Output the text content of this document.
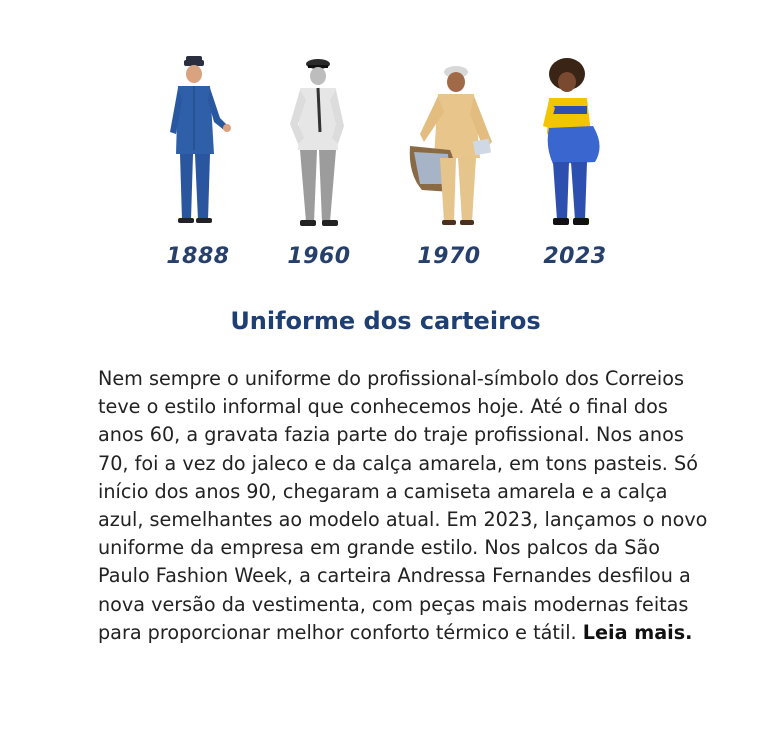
1888	1960	1970	2023
Uniforme dos carteiros

Nem sempre o uniforme do profissional-símbolo dos Correios teve o estilo informal que conhecemos hoje. Até o final dos anos 60, a gravata fazia parte do traje profissional. Nos anos 70, foi a vez do jaleco e da calça amarela, em tons pasteis. Só início dos anos 90, chegaram a camiseta amarela e a calça azul, semelhantes ao modelo atual. Em 2023, lançamos o novo uniforme da empresa em grande estilo. Nos palcos da São Paulo Fashion Week, a carteira Andressa Fernandes desfilou a nova versão da vestimenta, com peças mais modernas feitas para proporcionar melhor conforto térmico e tátil. Leia mais.
